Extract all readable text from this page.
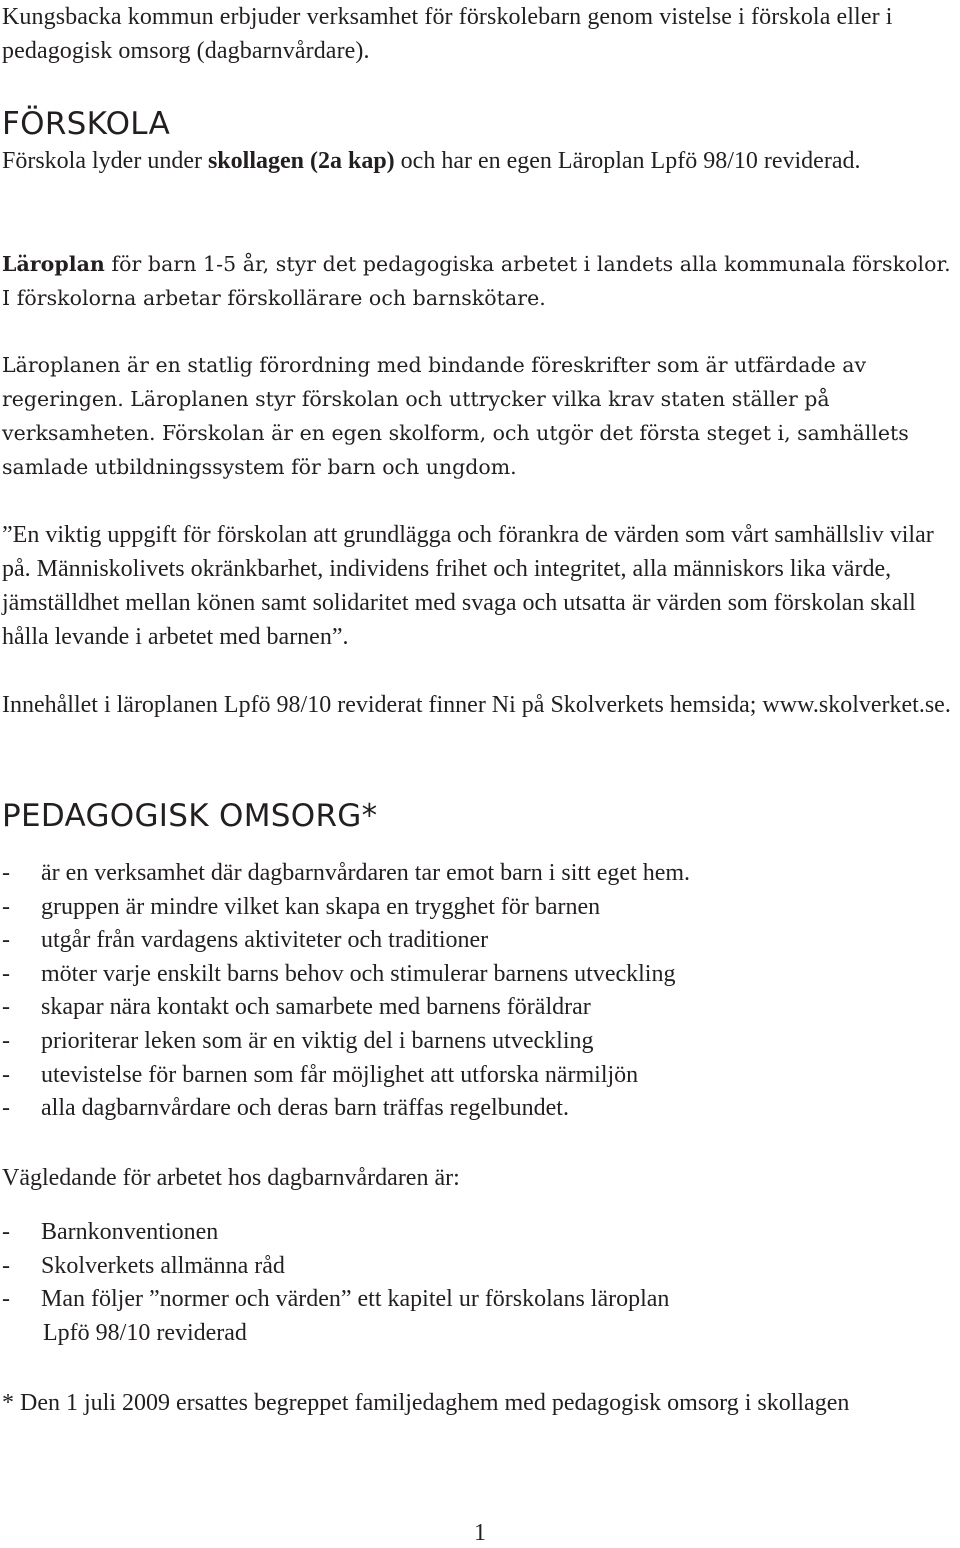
Kungsbacka kommun erbjuder verksamhet för förskolebarn genom vistelse i förskola eller i pedagogisk omsorg (dagbarnvårdare).

FÖRSKOLA

Förskola lyder under skollagen (2a kap) och har en egen Läroplan Lpfö 98/10 reviderad.

Läroplan för barn 1-5 år, styr det pedagogiska arbetet i landets alla kommunala förskolor. I förskolorna arbetar förskollärare och barnskötare.

Läroplanen är en statlig förordning med bindande föreskrifter som är utfärdade av regeringen. Läroplanen styr förskolan och uttrycker vilka krav staten ställer på verksamheten. Förskolan är en egen skolform, och utgör det första steget i, samhällets samlade utbildningssystem för barn och ungdom.

”En viktig uppgift för förskolan att grundlägga och förankra de värden som vårt samhällsliv vilar på. Människolivets okränkbarhet, individens frihet och integritet, alla människors lika värde, jämställdhet mellan könen samt solidaritet med svaga och utsatta är värden som förskolan skall hålla levande i arbetet med barnen”.

Innehållet i läroplanen Lpfö 98/10 reviderat finner Ni på Skolverkets hemsida; www.skolverket.se.

PEDAGOGISK OMSORG*
- är en verksamhet där dagbarnvårdaren tar emot barn i sitt eget hem.
- gruppen är mindre vilket kan skapa en trygghet för barnen
- utgår från vardagens aktiviteter och traditioner
- möter varje enskilt barns behov och stimulerar barnens utveckling
- skapar nära kontakt och samarbete med barnens föräldrar
- prioriterar leken som är en viktig del i barnens utveckling
- utevistelse för barnen som får möjlighet att utforska närmiljön
- alla dagbarnvårdare och deras barn träffas regelbundet.

Vägledande för arbetet hos dagbarnvårdaren är:

- Barnkonventionen
- Skolverkets allmänna råd
- Man följer ”normer och värden” ett kapitel ur förskolans läroplan
Lpfö 98/10 reviderad

* Den 1 juli 2009 ersattes begreppet familjedaghem med pedagogisk omsorg i skollagen

1
